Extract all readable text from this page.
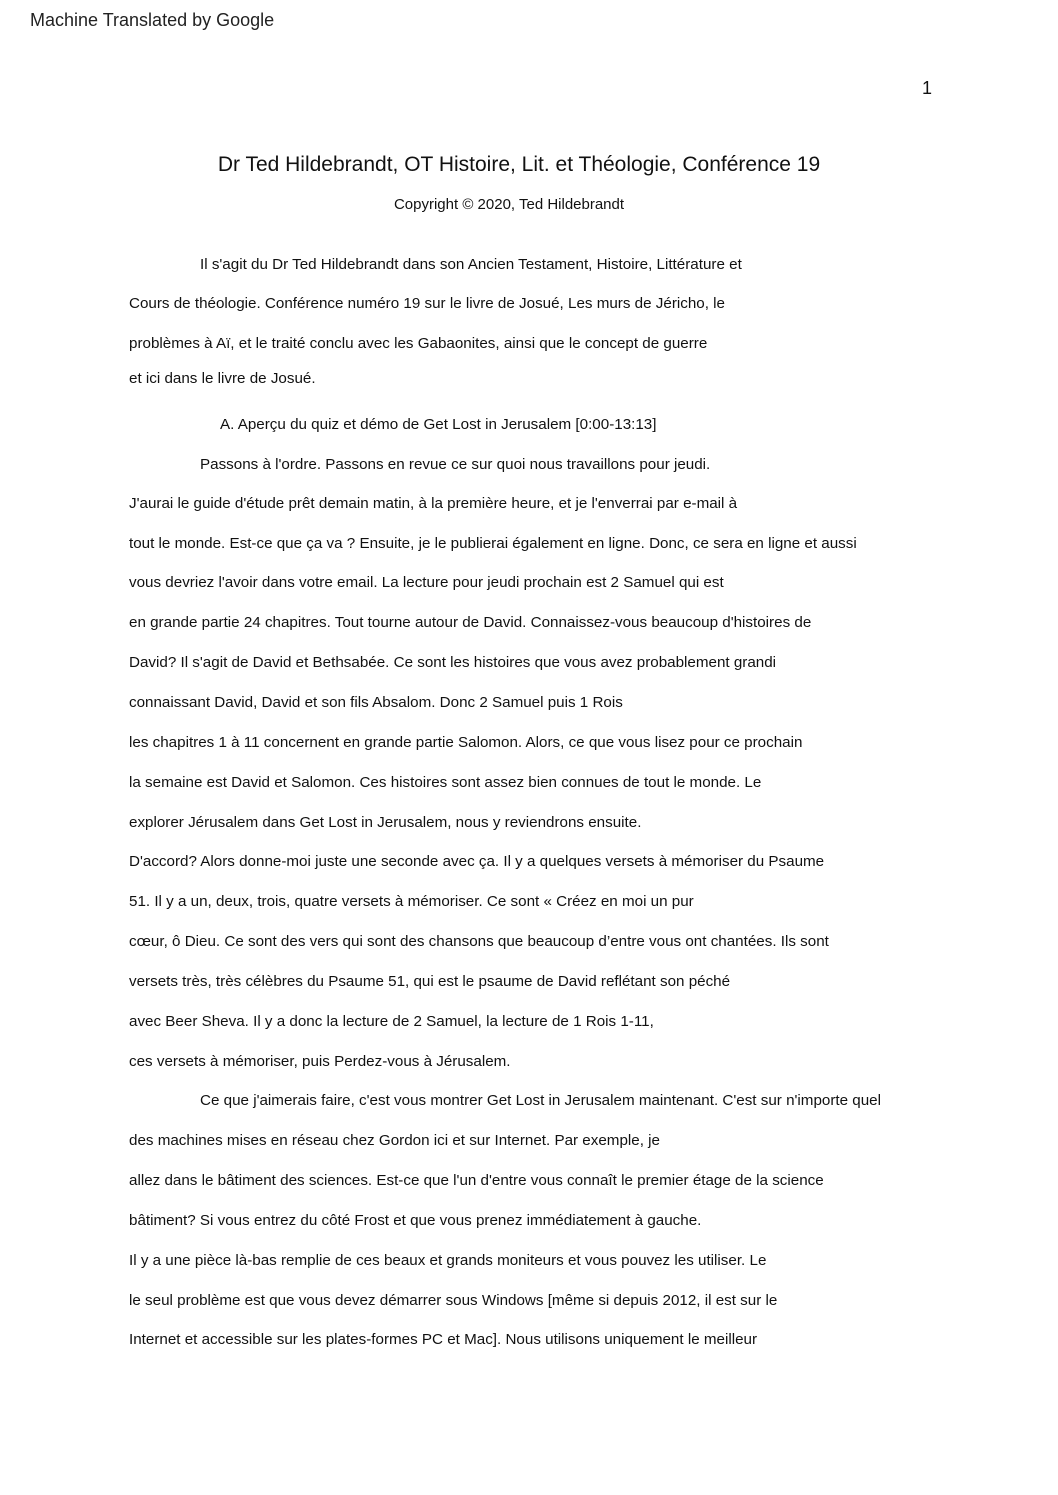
Machine Translated by Google
1
Dr Ted Hildebrandt, OT Histoire, Lit. et Théologie, Conférence 19
Copyright © 2020, Ted Hildebrandt
Il s'agit du Dr Ted Hildebrandt dans son Ancien Testament, Histoire, Littérature et
Cours de théologie. Conférence numéro 19 sur le livre de Josué, Les murs de Jéricho, le
problèmes à Aï, et le traité conclu avec les Gabaonites, ainsi que le concept de guerre
et ici dans le livre de Josué.
A. Aperçu du quiz et démo de Get Lost in Jerusalem [0:00-13:13]
Passons à l'ordre. Passons en revue ce sur quoi nous travaillons pour jeudi.
J'aurai le guide d'étude prêt demain matin, à la première heure, et je l'enverrai par e-mail à
tout le monde. Est-ce que ça va ? Ensuite, je le publierai également en ligne. Donc, ce sera en ligne et aussi
vous devriez l'avoir dans votre email. La lecture pour jeudi prochain est 2 Samuel qui est
en grande partie 24 chapitres. Tout tourne autour de David. Connaissez-vous beaucoup d'histoires de
David? Il s'agit de David et Bethsabée. Ce sont les histoires que vous avez probablement grandi
connaissant David, David et son fils Absalom. Donc 2 Samuel puis 1 Rois
les chapitres 1 à 11 concernent en grande partie Salomon. Alors, ce que vous lisez pour ce prochain
la semaine est David et Salomon. Ces histoires sont assez bien connues de tout le monde. Le
explorer Jérusalem dans Get Lost in Jerusalem, nous y reviendrons ensuite.
D'accord? Alors donne-moi juste une seconde avec ça. Il y a quelques versets à mémoriser du Psaume
51. Il y a un, deux, trois, quatre versets à mémoriser. Ce sont « Créez en moi un pur
cœur, ô Dieu. Ce sont des vers qui sont des chansons que beaucoup d’entre vous ont chantées. Ils sont
versets très, très célèbres du Psaume 51, qui est le psaume de David reflétant son péché
avec Beer Sheva. Il y a donc la lecture de 2 Samuel, la lecture de 1 Rois 1-11,
ces versets à mémoriser, puis Perdez-vous à Jérusalem.
Ce que j'aimerais faire, c'est vous montrer Get Lost in Jerusalem maintenant. C'est sur n'importe quel
des machines mises en réseau chez Gordon ici et sur Internet. Par exemple, je
allez dans le bâtiment des sciences. Est-ce que l'un d'entre vous connaît le premier étage de la science
bâtiment? Si vous entrez du côté Frost et que vous prenez immédiatement à gauche.
Il y a une pièce là-bas remplie de ces beaux et grands moniteurs et vous pouvez les utiliser. Le
le seul problème est que vous devez démarrer sous Windows [même si depuis 2012, il est sur le
Internet et accessible sur les plates-formes PC et Mac]. Nous utilisons uniquement le meilleur
